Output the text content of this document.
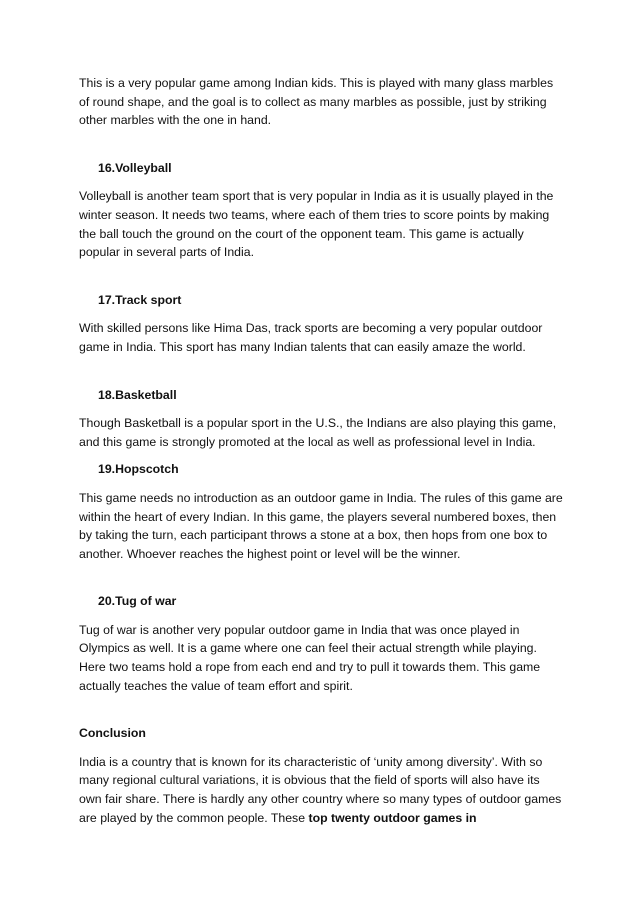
This is a very popular game among Indian kids. This is played with many glass marbles of round shape, and the goal is to collect as many marbles as possible, just by striking other marbles with the one in hand.

16.Volleyball

Volleyball is another team sport that is very popular in India as it is usually played in the winter season. It needs two teams, where each of them tries to score points by making the ball touch the ground on the court of the opponent team. This game is actually popular in several parts of India.

17.Track sport

With skilled persons like Hima Das, track sports are becoming a very popular outdoor game in India. This sport has many Indian talents that can easily amaze the world.

18.Basketball

Though Basketball is a popular sport in the U.S., the Indians are also playing this game, and this game is strongly promoted at the local as well as professional level in India.

19.Hopscotch

This game needs no introduction as an outdoor game in India. The rules of this game are within the heart of every Indian. In this game, the players several numbered boxes, then by taking the turn, each participant throws a stone at a box, then hops from one box to another. Whoever reaches the highest point or level will be the winner.

20.Tug of war

Tug of war is another very popular outdoor game in India that was once played in Olympics as well. It is a game where one can feel their actual strength while playing. Here two teams hold a rope from each end and try to pull it towards them. This game actually teaches the value of team effort and spirit.

Conclusion

India is a country that is known for its characteristic of ‘unity among diversity’. With so many regional cultural variations, it is obvious that the field of sports will also have its own fair share. There is hardly any other country where so many types of outdoor games are played by the common people. These top twenty outdoor games in
